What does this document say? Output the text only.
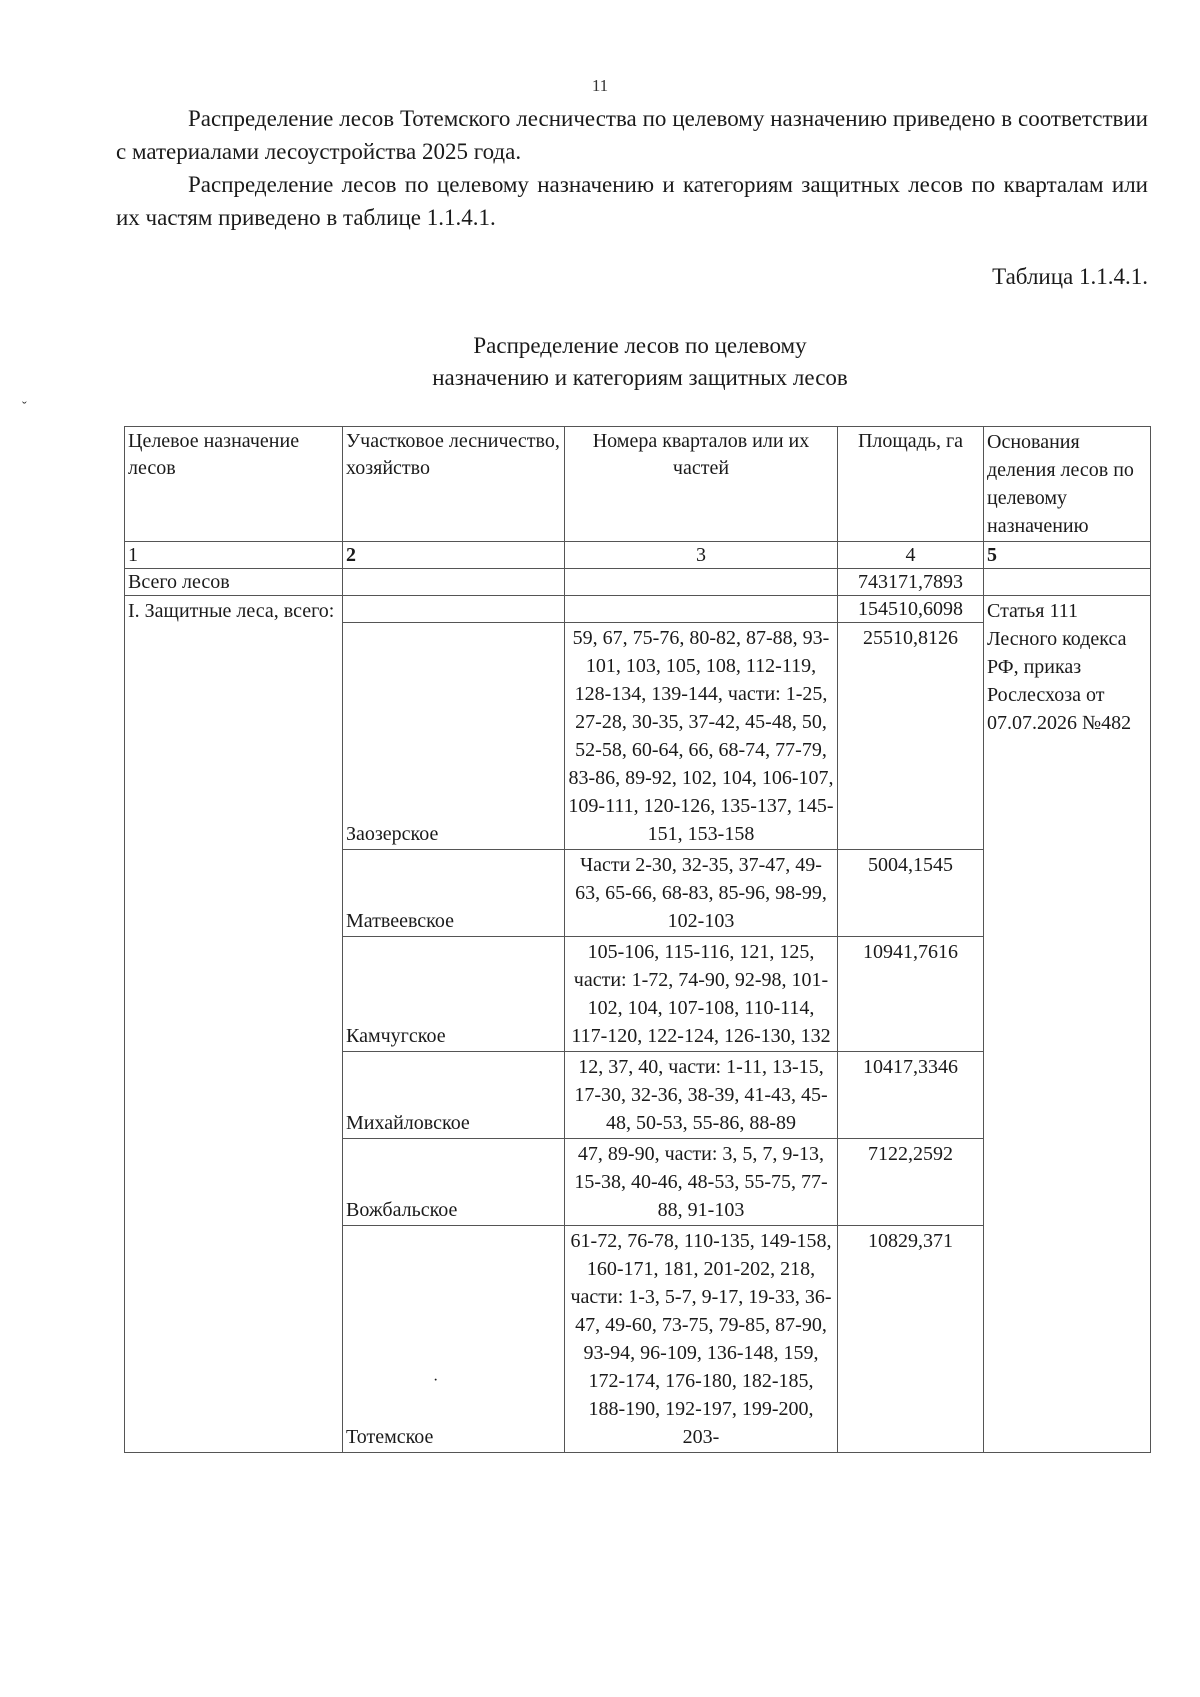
11

Распределение лесов Тотемского лесничества по целевому назначению приведено в соответствии с материалами лесоустройства 2025 года.

Распределение лесов по целевому назначению и категориям защитных лесов по кварталам или их частям приведено в таблице 1.1.4.1.

Таблица 1.1.4.1.
Распределение лесов по целевому
назначению и категориям защитных лесов
ˇ
·
Целевое назначение лесов	Участковое лесничество, хозяйство	Номера кварталов или их частей	Площадь, га	Основания деления лесов по целевому назначению
1	2	3	4	5
Всего лесов			743171,7893	
I. Защитные леса, всего:			154510,6098	Статья 111 Лесного кодекса РФ, приказ Рослесхоза от 07.07.2026 №482
	Заозерское	59, 67, 75-76, 80-82, 87-88, 93-101, 103, 105, 108, 112-119, 128-134, 139-144, части: 1-25, 27-28, 30-35, 37-42, 45-48, 50, 52-58, 60-64, 66, 68-74, 77-79, 83-86, 89-92, 102, 104, 106-107, 109-111, 120-126, 135-137, 145-151, 153-158	25510,8126	
	Матвеевское	Части 2-30, 32-35, 37-47, 49-63, 65-66, 68-83, 85-96, 98-99, 102-103	5004,1545	
	Камчугское	105-106, 115-116, 121, 125, части: 1-72, 74-90, 92-98, 101-102, 104, 107-108, 110-114, 117-120, 122-124, 126-130, 132	10941,7616	
	Михайловское	12, 37, 40, части: 1-11, 13-15, 17-30, 32-36, 38-39, 41-43, 45-48, 50-53, 55-86, 88-89	10417,3346	
	Вожбальское	47, 89-90, части: 3, 5, 7, 9-13, 15-38, 40-46, 48-53, 55-75, 77-88, 91-103	7122,2592	
	Тотемское	61-72, 76-78, 110-135, 149-158, 160-171, 181, 201-202, 218, части: 1-3, 5-7, 9-17, 19-33, 36-47, 49-60, 73-75, 79-85, 87-90, 93-94, 96-109, 136-148, 159, 172-174, 176-180, 182-185, 188-190, 192-197, 199-200, 203-	10829,371	
